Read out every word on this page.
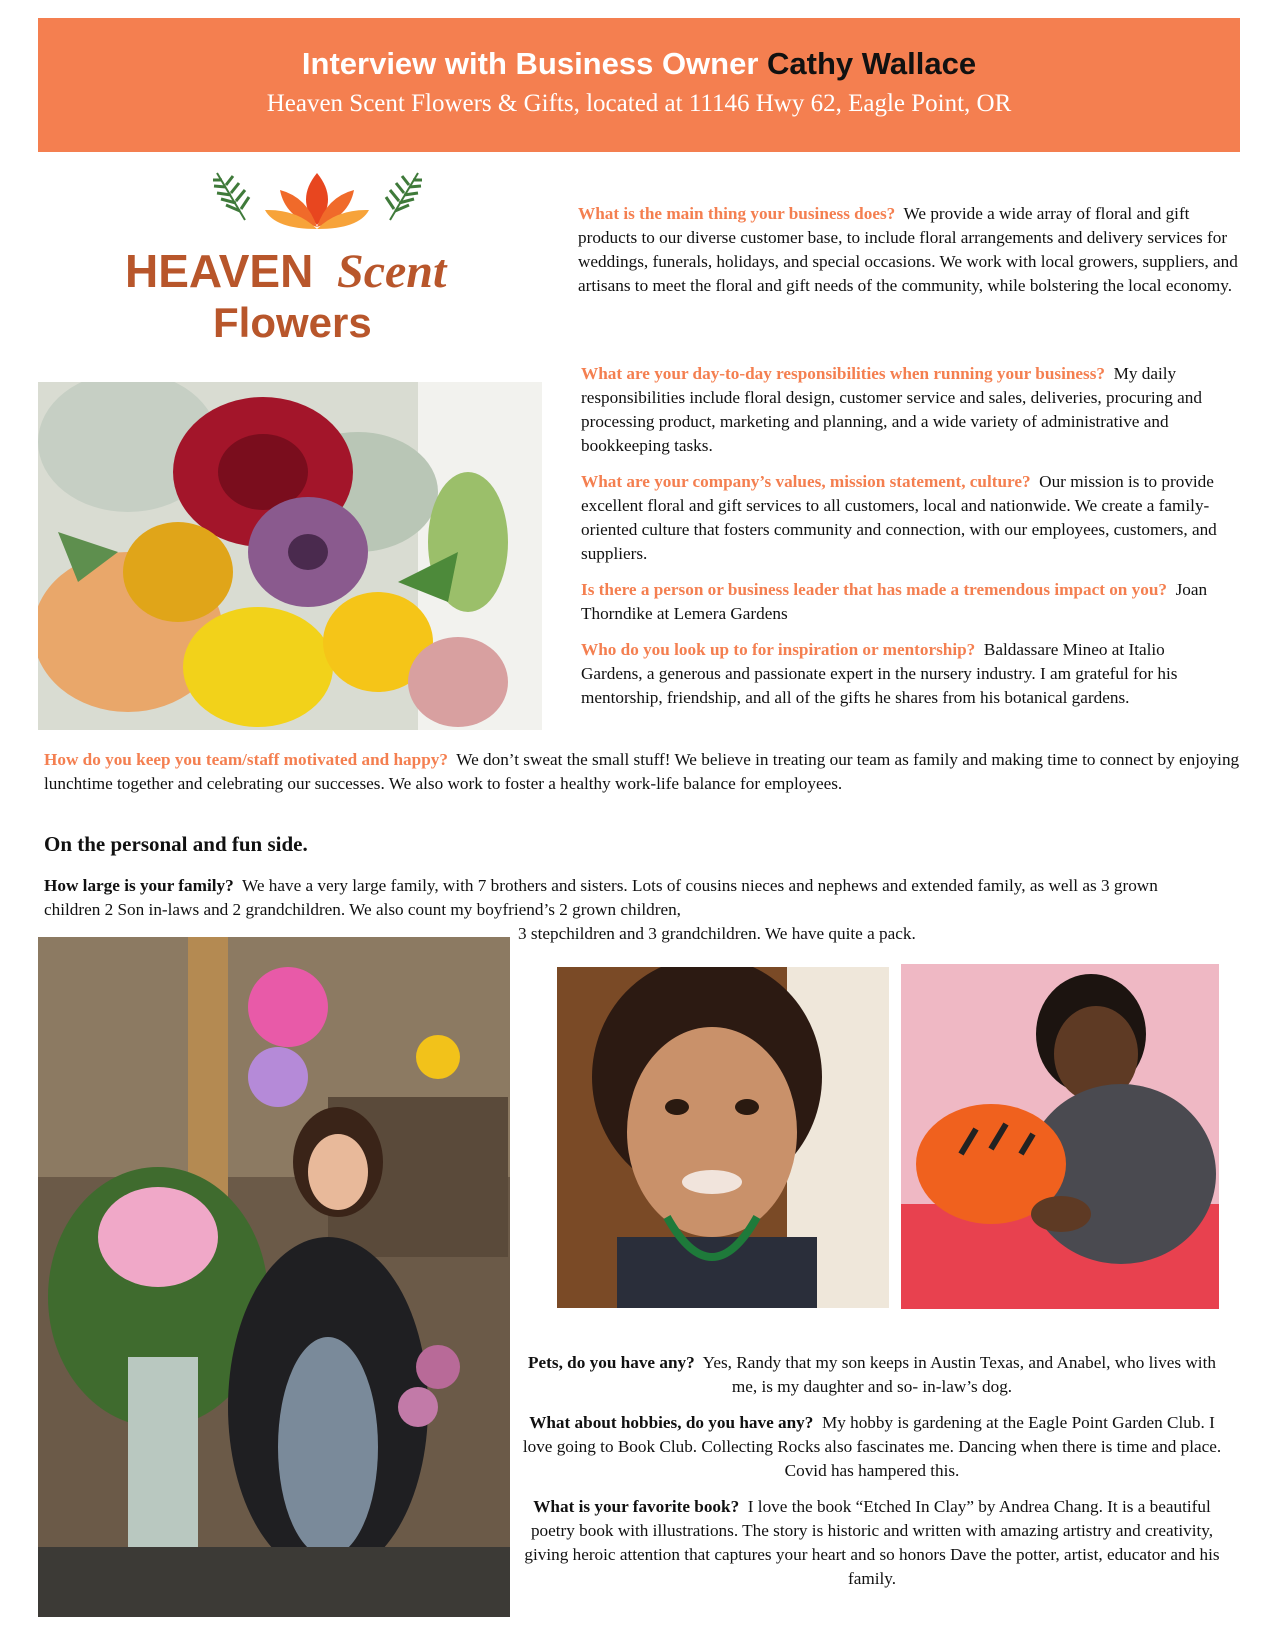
Interview with Business Owner Cathy Wallace
Heaven Scent Flowers & Gifts, located at 11146 Hwy 62, Eagle Point, OR
HEAVEN Scent
Flowers
What is the main thing your business does? We provide a wide array of floral and gift products to our diverse customer base, to include floral arrangements and delivery services for weddings, funerals, holidays, and special occasions. We work with local growers, suppliers, and artisans to meet the floral and gift needs of the community, while bolstering the local economy.
What are your day-to-day responsibilities when running your business? My daily responsibilities include floral design, customer service and sales, deliveries, procuring and processing product, marketing and planning, and a wide variety of administrative and bookkeeping tasks.
What are your company’s values, mission statement, culture? Our mission is to provide excellent floral and gift services to all customers, local and nationwide. We create a family-oriented culture that fosters community and connection, with our employees, customers, and suppliers.
Is there a person or business leader that has made a tremendous impact on you? Joan Thorndike at Lemera Gardens
Who do you look up to for inspiration or mentorship? Baldassare Mineo at Italio Gardens, a generous and passionate expert in the nursery industry. I am grateful for his mentorship, friendship, and all of the gifts he shares from his botanical gardens.
How do you keep you team/staff motivated and happy? We don’t sweat the small stuff! We believe in treating our team as family and making time to connect by enjoying lunchtime together and celebrating our successes. We also work to foster a healthy work-life balance for employees.
On the personal and fun side.
How large is your family? We have a very large family, with 7 brothers and sisters. Lots of cousins nieces and nephews and extended family, as well as 3 grown children 2 Son in-laws and 2 grandchildren. We also count my boyfriend’s 2 grown children,
3 stepchildren and 3 grandchildren. We have quite a pack.
Pets, do you have any? Yes, Randy that my son keeps in Austin Texas, and Anabel, who lives with me, is my daughter and so- in-law’s dog.
What about hobbies, do you have any? My hobby is gardening at the Eagle Point Garden Club. I love going to Book Club. Collecting Rocks also fascinates me. Dancing when there is time and place. Covid has hampered this.
What is your favorite book? I love the book “Etched In Clay” by Andrea Chang. It is a beautiful poetry book with illustrations. The story is historic and written with amazing artistry and creativity, giving heroic attention that captures your heart and so honors Dave the potter, artist, educator and his family.
